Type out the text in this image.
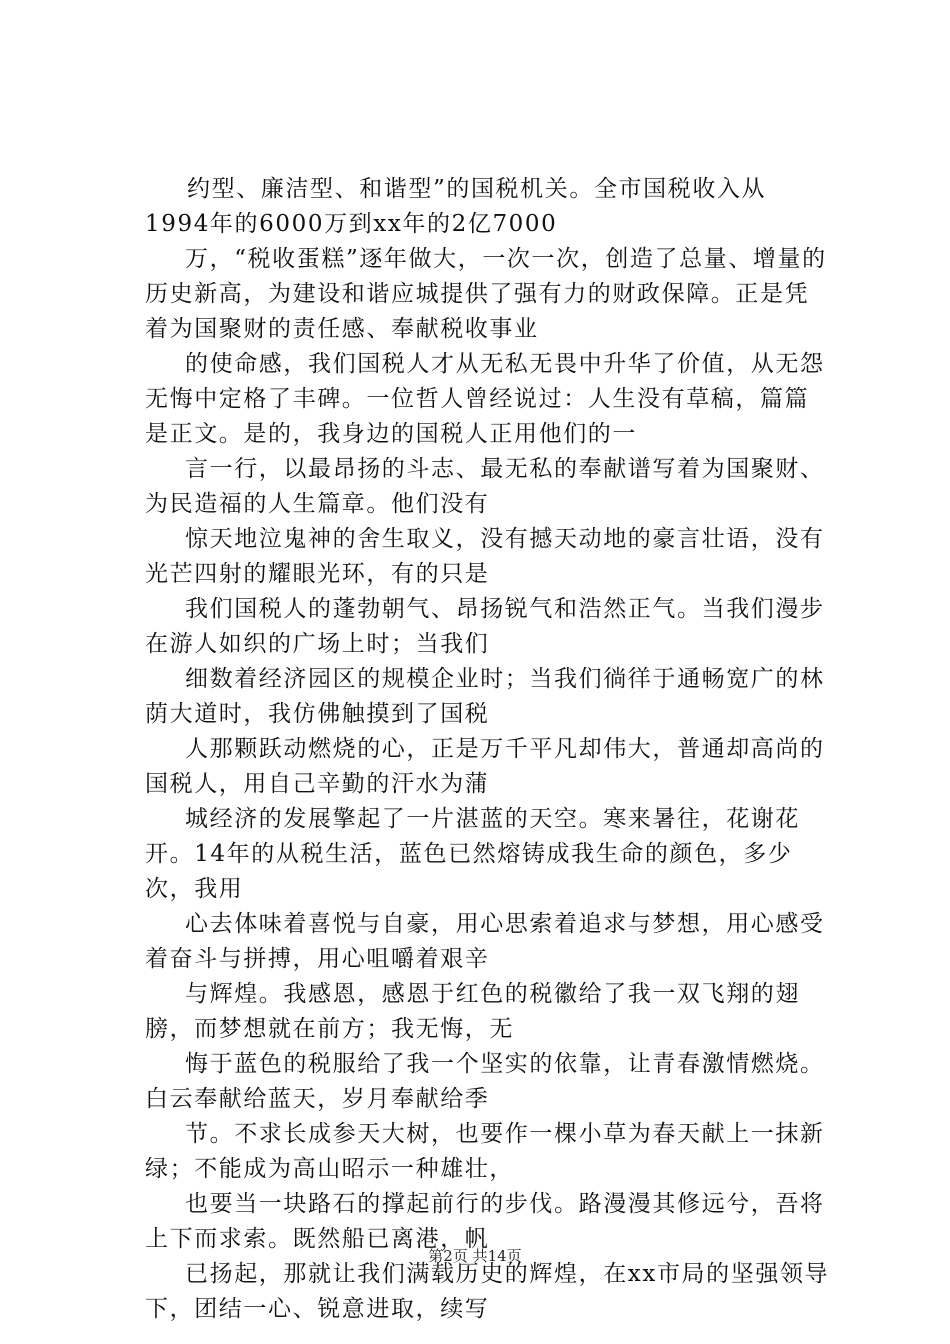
约型、廉洁型、和谐型”的国税机关。全市国税收入从1994年的6000万到xx年的2亿7000

万，“税收蛋糕”逐年做大，一次一次，创造了总量、增量的历史新高，为建设和谐应城提供了强有力的财政保障。正是凭着为国聚财的责任感、奉献税收事业

的使命感，我们国税人才从无私无畏中升华了价值，从无怨无悔中定格了丰碑。一位哲人曾经说过：人生没有草稿，篇篇是正文。是的，我身边的国税人正用他们的一

言一行，以最昂扬的斗志、最无私的奉献谱写着为国聚财、为民造福的人生篇章。他们没有

惊天地泣鬼神的舍生取义，没有撼天动地的豪言壮语，没有光芒四射的耀眼光环，有的只是

我们国税人的蓬勃朝气、昂扬锐气和浩然正气。当我们漫步在游人如织的广场上时；当我们

细数着经济园区的规模企业时；当我们徜徉于通畅宽广的林荫大道时，我仿佛触摸到了国税

人那颗跃动燃烧的心，正是万千平凡却伟大，普通却高尚的国税人，用自己辛勤的汗水为蒲

城经济的发展擎起了一片湛蓝的天空。寒来暑往，花谢花开。14年的从税生活，蓝色已然熔铸成我生命的颜色，多少次，我用

心去体味着喜悦与自豪，用心思索着追求与梦想，用心感受着奋斗与拼搏，用心咀嚼着艰辛

与辉煌。我感恩，感恩于红色的税徽给了我一双飞翔的翅膀，而梦想就在前方；我无悔，无

悔于蓝色的税服给了我一个坚实的依靠，让青春激情燃烧。白云奉献给蓝天，岁月奉献给季

节。不求长成参天大树，也要作一棵小草为春天献上一抹新绿；不能成为高山昭示一种雄壮，

也要当一块路石的撑起前行的步伐。路漫漫其修远兮，吾将上下而求索。既然船已离港，帆

已扬起，那就让我们满载历史的辉煌，在xx市局的坚强领导下，团结一心、锐意进取，续写

第2页 共14页
